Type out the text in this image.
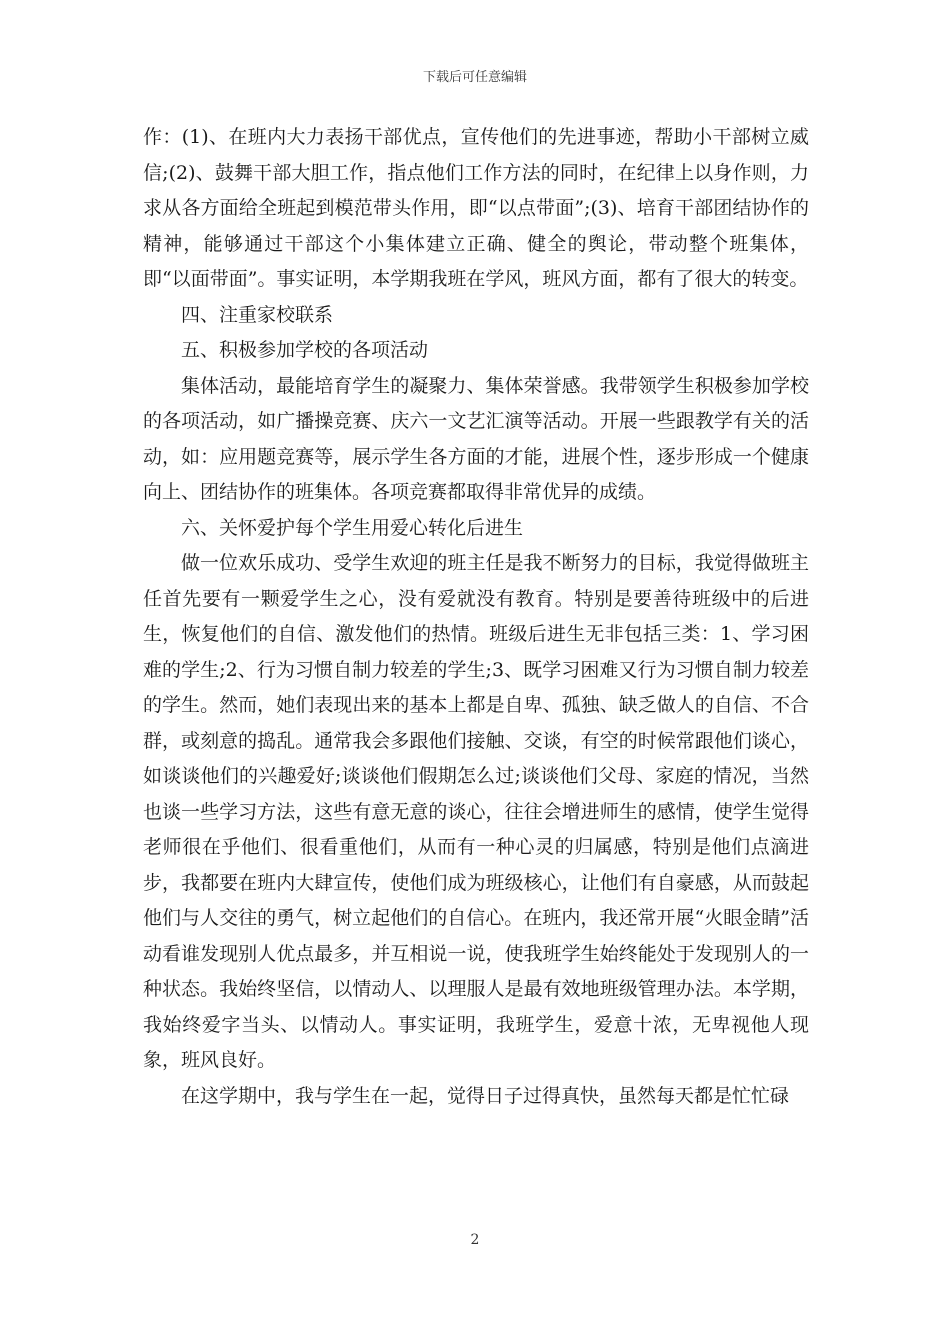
下载后可任意编辑

作：(1)、在班内大力表扬干部优点，宣传他们的先进事迹，帮助小干部树立威信;(2)、鼓舞干部大胆工作，指点他们工作方法的同时，在纪律上以身作则，力求从各方面给全班起到模范带头作用，即“以点带面”;(3)、培育干部团结协作的精神，能够通过干部这个小集体建立正确、健全的舆论，带动整个班集体，即“以面带面”。事实证明，本学期我班在学风，班风方面，都有了很大的转变。

四、注重家校联系

五、积极参加学校的各项活动

集体活动，最能培育学生的凝聚力、集体荣誉感。我带领学生积极参加学校的各项活动，如广播操竞赛、庆六一文艺汇演等活动。开展一些跟教学有关的活动，如：应用题竞赛等，展示学生各方面的才能，进展个性，逐步形成一个健康向上、团结协作的班集体。各项竞赛都取得非常优异的成绩。

六、关怀爱护每个学生用爱心转化后进生

做一位欢乐成功、受学生欢迎的班主任是我不断努力的目标，我觉得做班主任首先要有一颗爱学生之心，没有爱就没有教育。特别是要善待班级中的后进生，恢复他们的自信、激发他们的热情。班级后进生无非包括三类：1、学习困难的学生;2、行为习惯自制力较差的学生;3、既学习困难又行为习惯自制力较差的学生。然而，她们表现出来的基本上都是自卑、孤独、缺乏做人的自信、不合群，或刻意的捣乱。通常我会多跟他们接触、交谈，有空的时候常跟他们谈心，如谈谈他们的兴趣爱好;谈谈他们假期怎么过;谈谈他们父母、家庭的情况，当然也谈一些学习方法，这些有意无意的谈心，往往会增进师生的感情，使学生觉得老师很在乎他们、很看重他们，从而有一种心灵的归属感，特别是他们点滴进步，我都要在班内大肆宣传，使他们成为班级核心，让他们有自豪感，从而鼓起他们与人交往的勇气，树立起他们的自信心。在班内，我还常开展“火眼金睛”活动看谁发现别人优点最多，并互相说一说，使我班学生始终能处于发现别人的一种状态。我始终坚信，以情动人、以理服人是最有效地班级管理办法。本学期，我始终爱字当头、以情动人。事实证明，我班学生，爱意十浓，无卑视他人现象，班风良好。

在这学期中，我与学生在一起，觉得日子过得真快，虽然每天都是忙忙碌

2
